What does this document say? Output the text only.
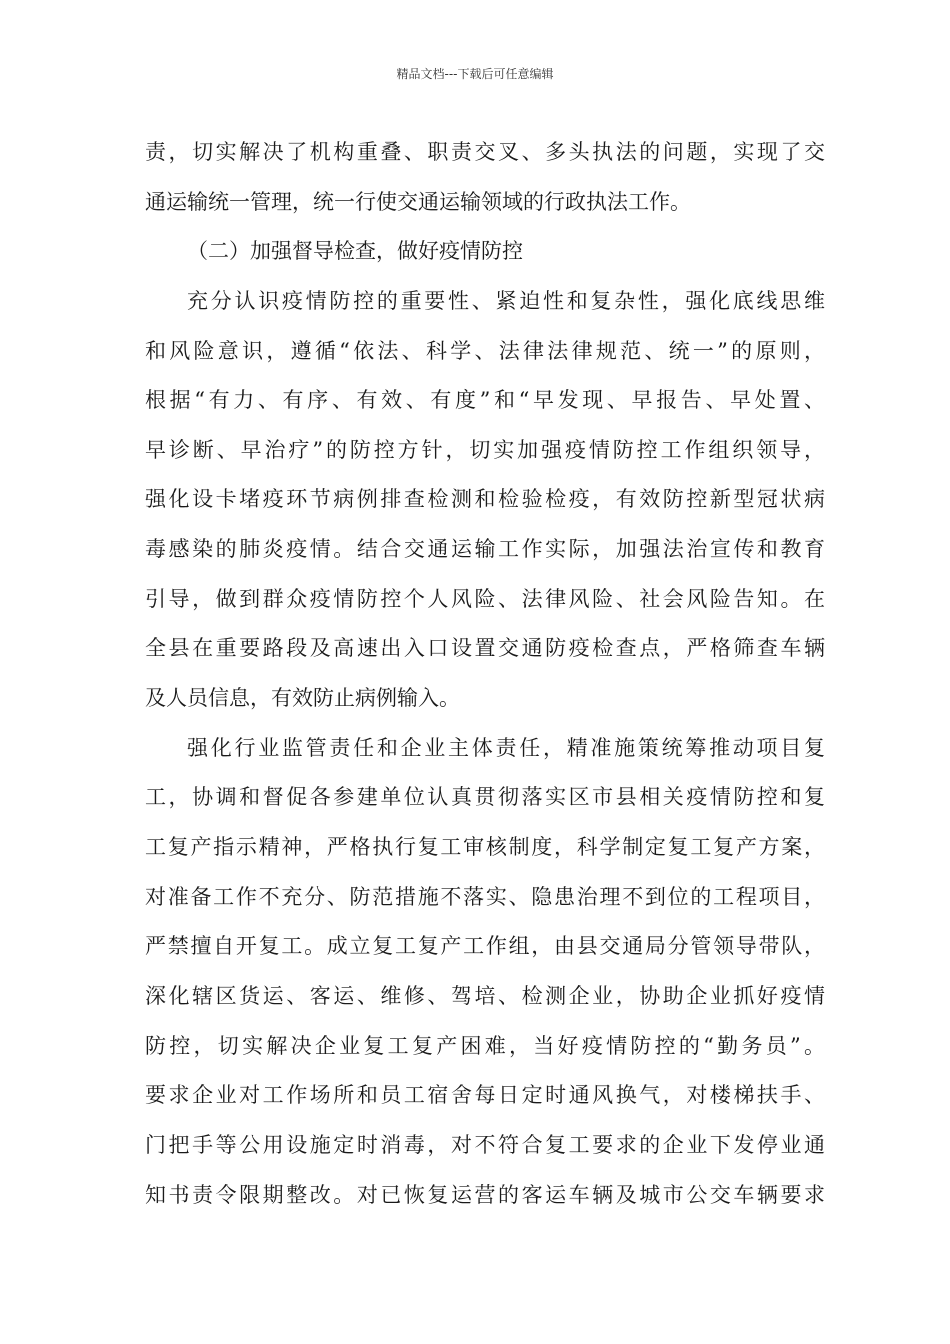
精品文档---下载后可任意编辑
责，切实解决了机构重叠、职责交叉、多头执法的问题，实现了交
通运输统一管理，统一行使交通运输领域的行政执法工作。
（二）加强督导检查，做好疫情防控
充分认识疫情防控的重要性、紧迫性和复杂性，强化底线思维
和风险意识，遵循“依法、科学、法律法律规范、统一”的原则，
根据“有力、有序、有效、有度”和“早发现、早报告、早处置、
早诊断、早治疗”的防控方针，切实加强疫情防控工作组织领导，
强化设卡堵疫环节病例排查检测和检验检疫，有效防控新型冠状病
毒感染的肺炎疫情。结合交通运输工作实际，加强法治宣传和教育
引导，做到群众疫情防控个人风险、法律风险、社会风险告知。在
全县在重要路段及高速出入口设置交通防疫检查点，严格筛查车辆
及人员信息，有效防止病例输入。
强化行业监管责任和企业主体责任，精准施策统筹推动项目复
工，协调和督促各参建单位认真贯彻落实区市县相关疫情防控和复
工复产指示精神，严格执行复工审核制度，科学制定复工复产方案，
对准备工作不充分、防范措施不落实、隐患治理不到位的工程项目，
严禁擅自开复工。成立复工复产工作组，由县交通局分管领导带队，
深化辖区货运、客运、维修、驾培、检测企业，协助企业抓好疫情
防控，切实解决企业复工复产困难，当好疫情防控的“勤务员”。
要求企业对工作场所和员工宿舍每日定时通风换气，对楼梯扶手、
门把手等公用设施定时消毒，对不符合复工要求的企业下发停业通
知书责令限期整改。对已恢复运营的客运车辆及城市公交车辆要求
